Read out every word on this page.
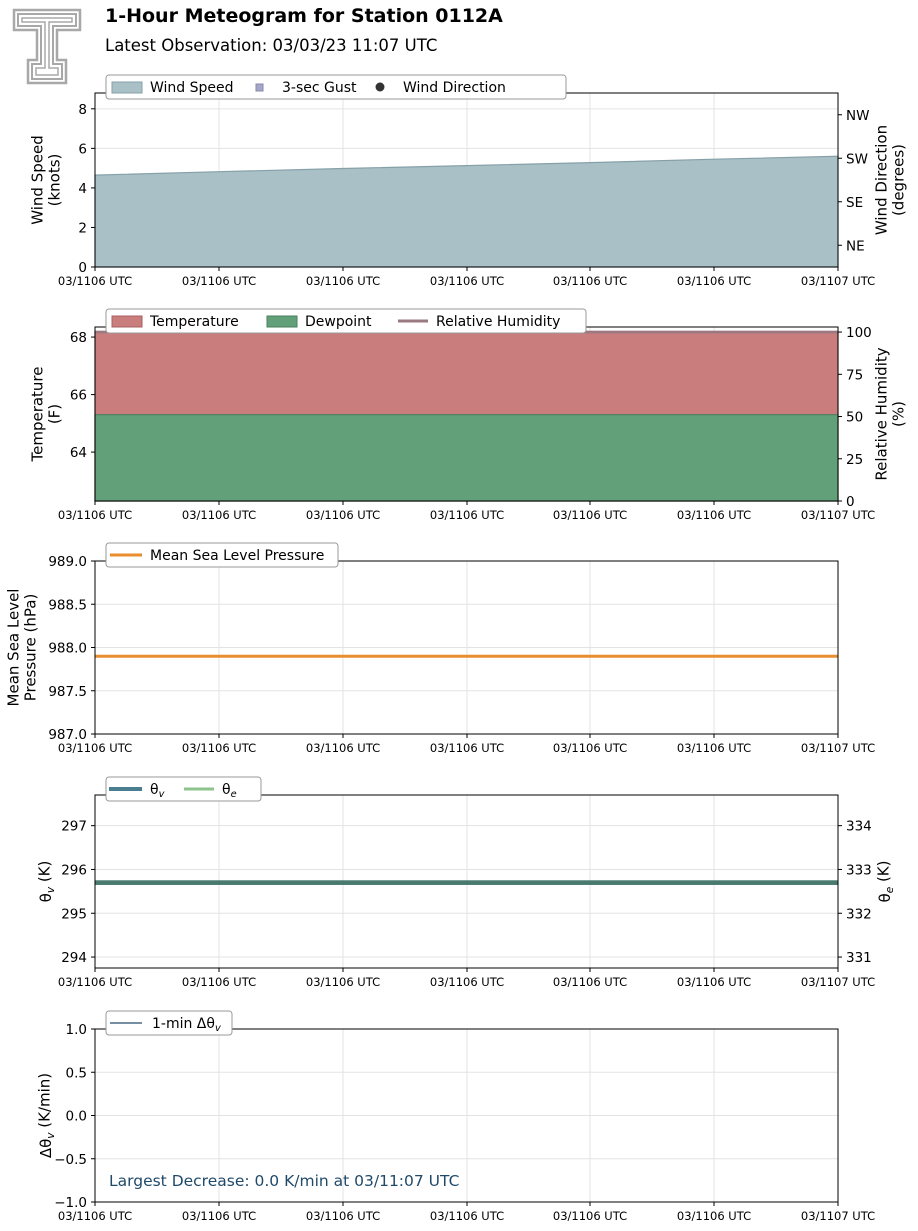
1-Hour Meteogram for Station 0112A
Latest Observation: 03/03/23 11:07 UTC
0
2
4
6
8
NE
SE
SW
NW
03/1106 UTC	03/1106 UTC	03/1106 UTC	03/1106 UTC	03/1106 UTC	03/1106 UTC	03/1107 UTC
Wind Speed (knots)	Wind Direction (degrees)
Wind Speed	3-sec Gust	Wind Direction
64
66
68
0
25
50
75
100
03/1106 UTC	03/1106 UTC	03/1106 UTC	03/1106 UTC	03/1106 UTC	03/1106 UTC	03/1107 UTC
Temperature (F)	Relative Humidity (%)
Temperature	Dewpoint	Relative Humidity
987.0
987.5
988.0
988.5
989.0
03/1106 UTC	03/1106 UTC	03/1106 UTC	03/1106 UTC	03/1106 UTC	03/1106 UTC	03/1107 UTC
Mean Sea Level Pressure (hPa)
Mean Sea Level Pressure
294
295
296
297
331
332
333
334
03/1106 UTC	03/1106 UTC	03/1106 UTC	03/1106 UTC	03/1106 UTC	03/1106 UTC	03/1107 UTC
$\theta_v$ (K)
$\theta_e$ (K)
$\theta_v$	$\theta_e$
−1.0
−0.5
0.0
0.5
1.0
03/1106 UTC	03/1106 UTC	03/1106 UTC	03/1106 UTC	03/1106 UTC	03/1106 UTC	03/1107 UTC
$\Delta\theta_v$ (K/min)
1-min $\Delta\theta_v$
Largest Decrease: 0.0 K/min at 03/11:07 UTC
